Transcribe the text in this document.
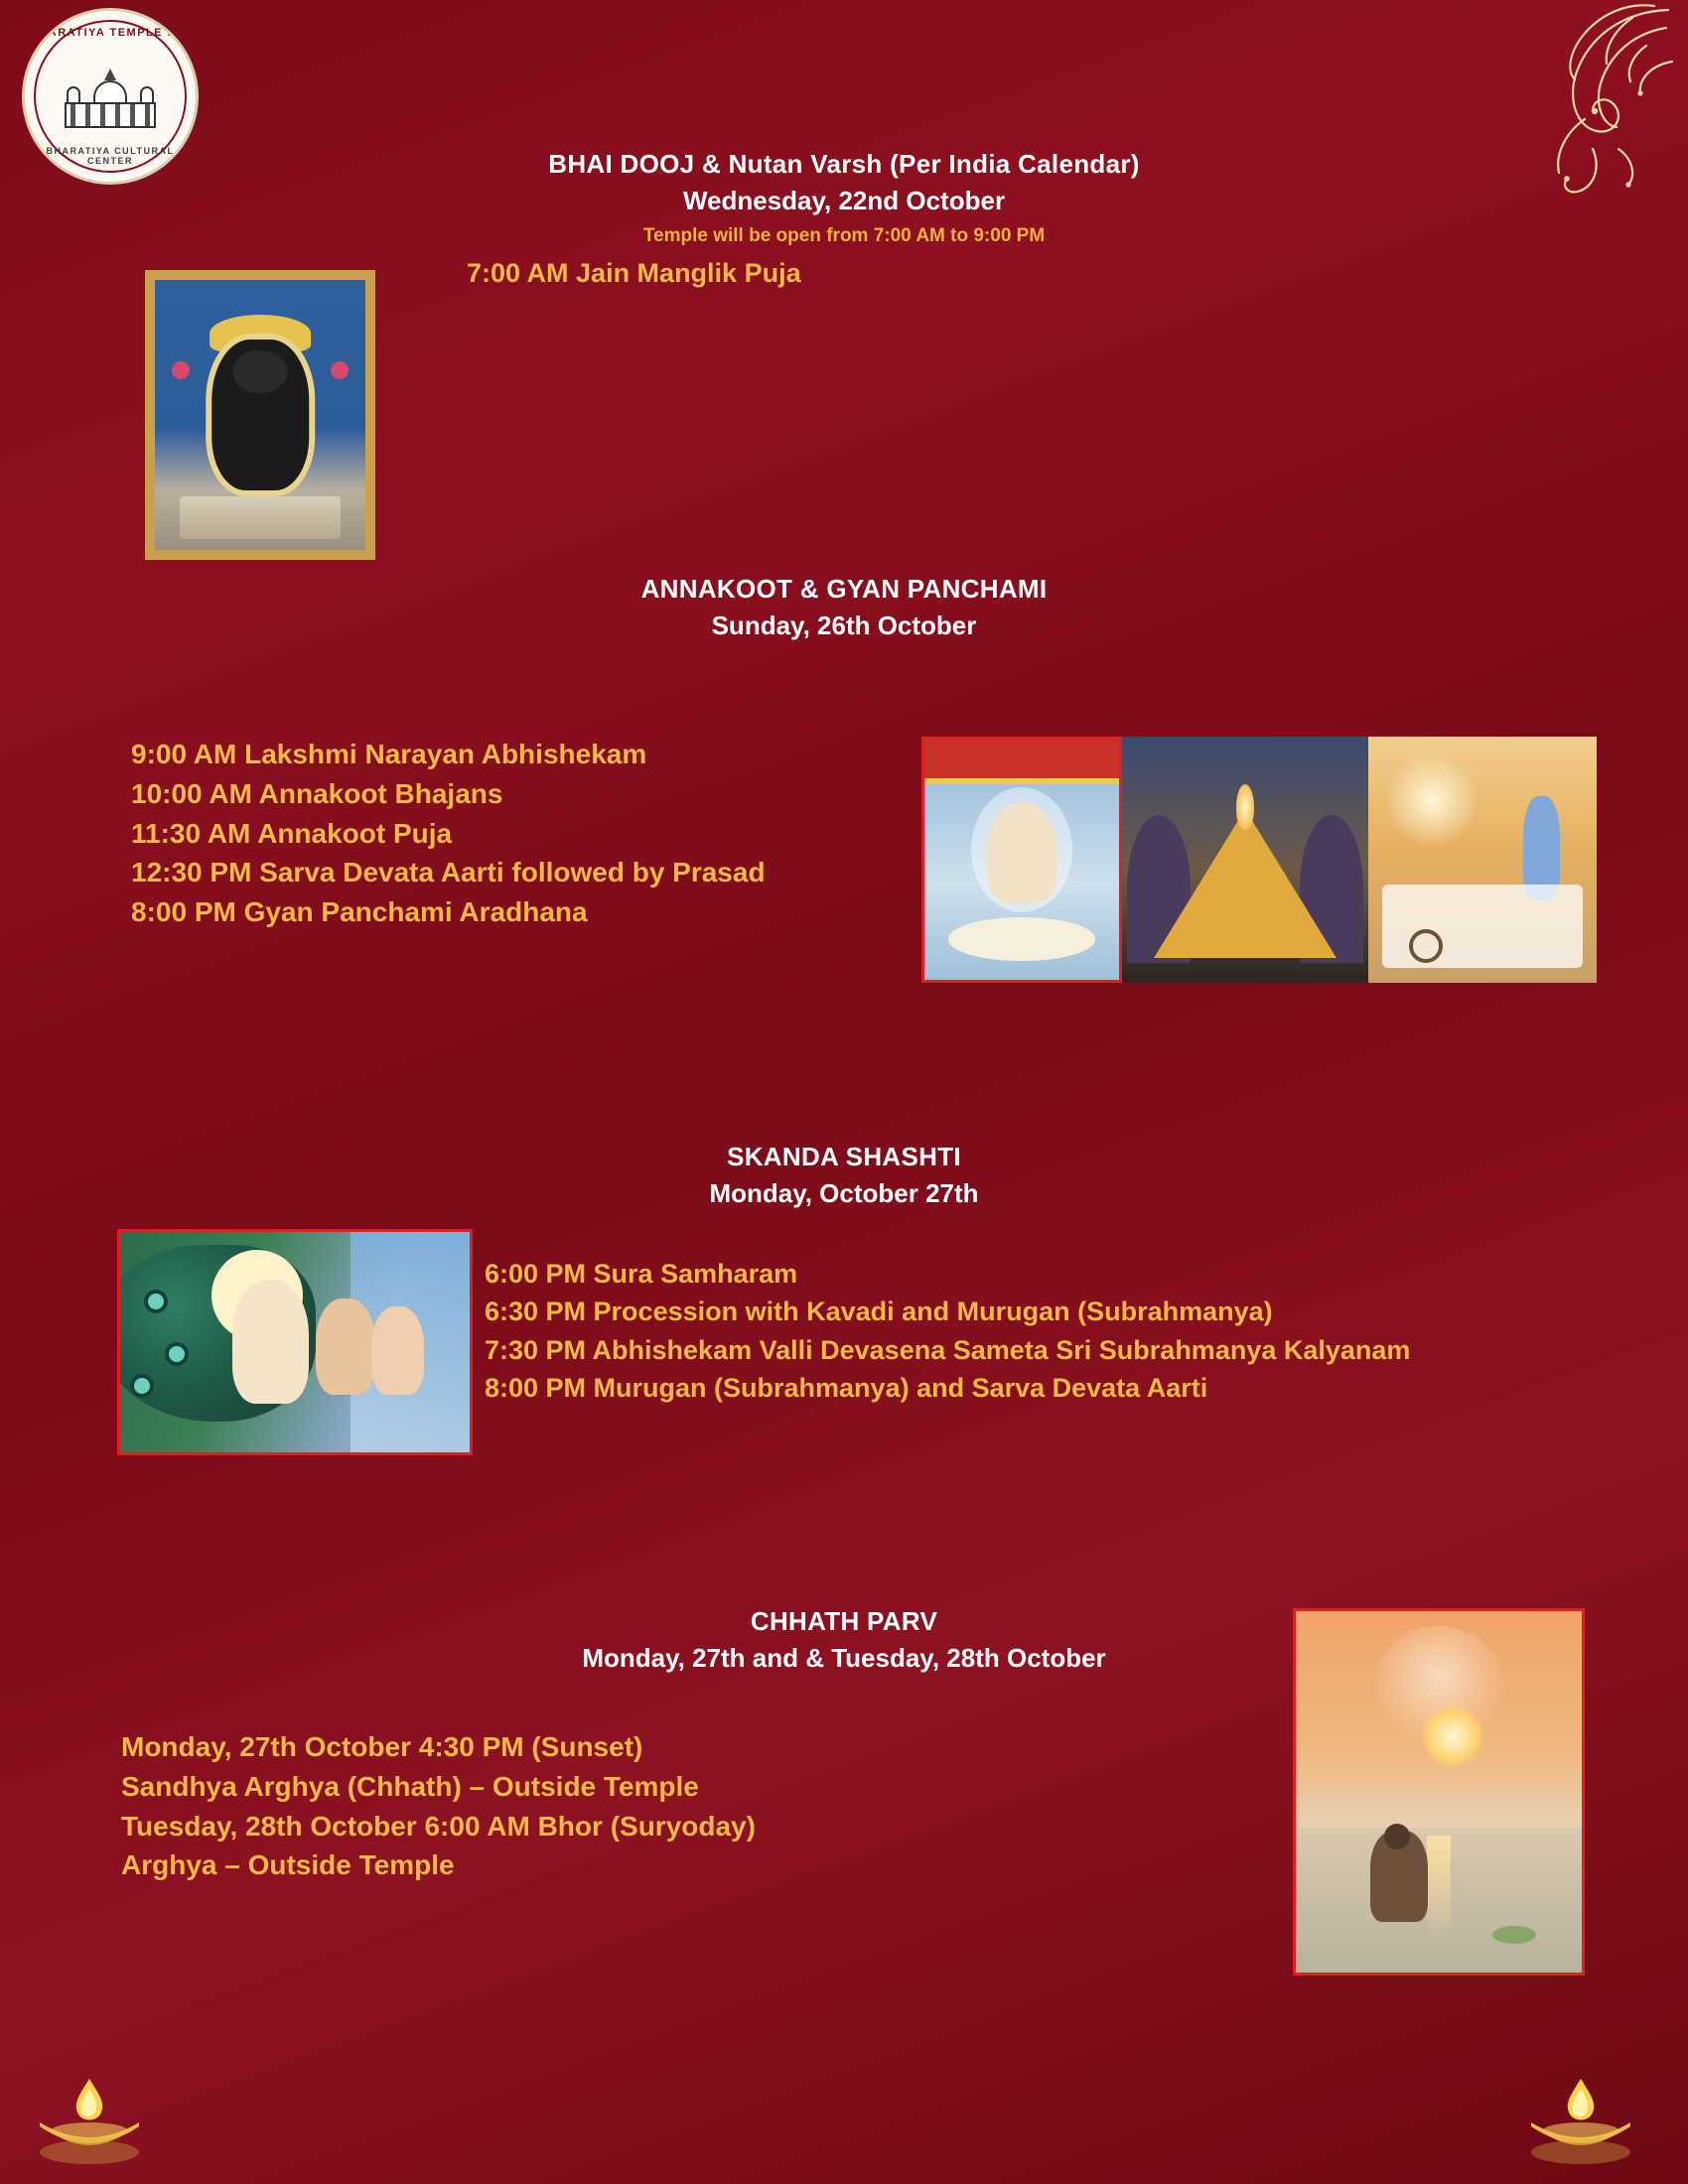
BHARATIYA TEMPLE INC
BHARATIYA CULTURAL CENTER	BHAI DOOJ & Nutan Varsh (Per India Calendar)
Wednesday, 22nd October
Temple will be open from 7:00 AM to 9:00 PM
7:00 AM Jain Manglik Puja
ANNAKOOT & GYAN PANCHAMI
Sunday, 26th October
9:00 AM Lakshmi Narayan Abhishekam
10:00 AM Annakoot Bhajans
11:30 AM Annakoot Puja
12:30 PM Sarva Devata Aarti followed by Prasad
8:00 PM Gyan Panchami Aradhana
SKANDA SHASHTI
Monday, October 27th
6:00 PM Sura Samharam
6:30 PM Procession with Kavadi and Murugan (Subrahmanya)
7:30 PM Abhishekam Valli Devasena Sameta Sri Subrahmanya Kalyanam
8:00 PM Murugan (Subrahmanya) and Sarva Devata Aarti
CHHATH PARV
Monday, 27th and & Tuesday, 28th October
Monday, 27th October 4:30 PM (Sunset)
Sandhya Arghya (Chhath) – Outside Temple
Tuesday, 28th October 6:00 AM Bhor (Suryoday)
Arghya – Outside Temple
